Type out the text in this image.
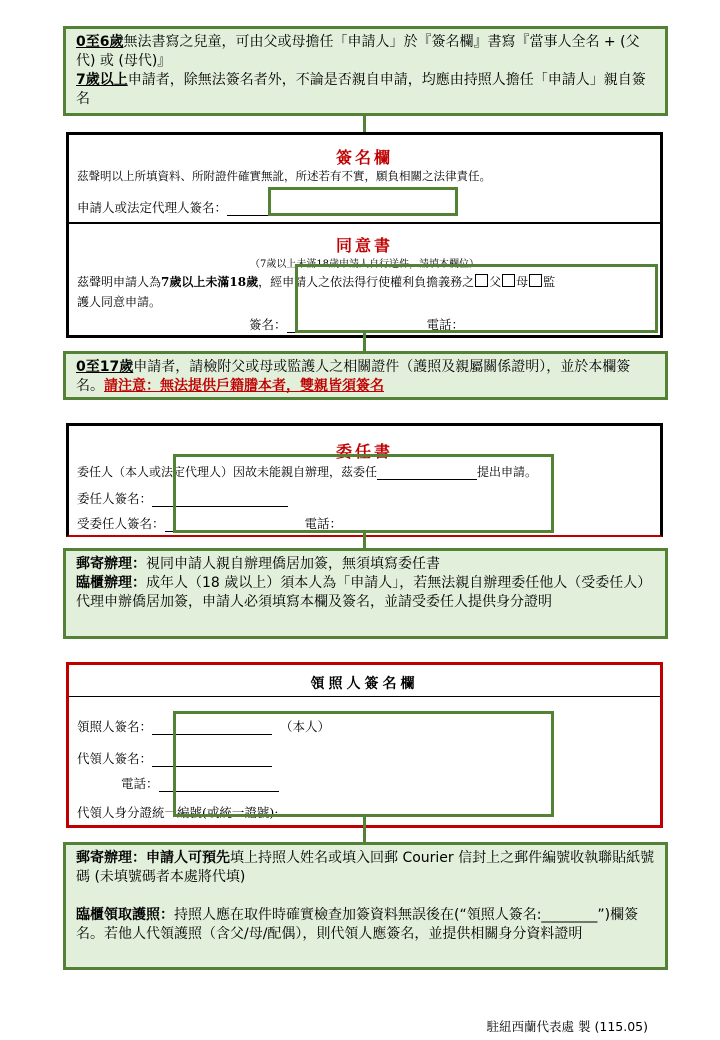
0至6歲無法書寫之兒童，可由父或母擔任「申請人」於『簽名欄』書寫『當事人全名 + (父代) 或 (母代)』
7歲以上申請者，除無法簽名者外，不論是否親自申請，均應由持照人擔任「申請人」親自簽名
簽名欄
茲聲明以上所填資料、所附證件確實無訛，所述若有不實，願負相關之法律責任。
申請人或法定代理人簽名：
同意書
（7歲以上未滿18歲申請人自行送件，請填本欄位）
茲聲明申請人為7歲以上未滿18歲，經申請人之依法得行使權利負擔義務之 父 母 監
護人同意申請。
簽名：	電話：
0至17歲申請者，請檢附父或母或監護人之相關證件（護照及親屬關係證明），並於本欄簽名。請注意：無法提供戶籍謄本者，雙親皆須簽名
委任書
委任人（本人或法定代理人）因故未能親自辦理，茲委任	提出申請。
委任人簽名：
受委任人簽名：	電話：
郵寄辦理：視同申請人親自辦理僑居加簽，無須填寫委任書
臨櫃辦理：成年人（18 歲以上）須本人為「申請人」，若無法親自辦理委任他人（受委任人）代理申辦僑居加簽，申請人必須填寫本欄及簽名，並請受委任人提供身分證明
領照人簽名欄
領照人簽名：	（本人）
代領人簽名：
電話：
代領人身分證統一編號(或統一證號):
郵寄辦理：申請人可預先填上持照人姓名或填入回郵 Courier 信封上之郵件編號收執聯貼紙號碼 (未填號碼者本處將代填)

臨櫃領取護照：持照人應在取件時確實檢查加簽資料無誤後在(“領照人簽名:________”)欄簽名。若他人代領護照（含父/母/配偶），則代領人應簽名，並提供相關身分資料證明
駐紐西蘭代表處 製 (115.05)
